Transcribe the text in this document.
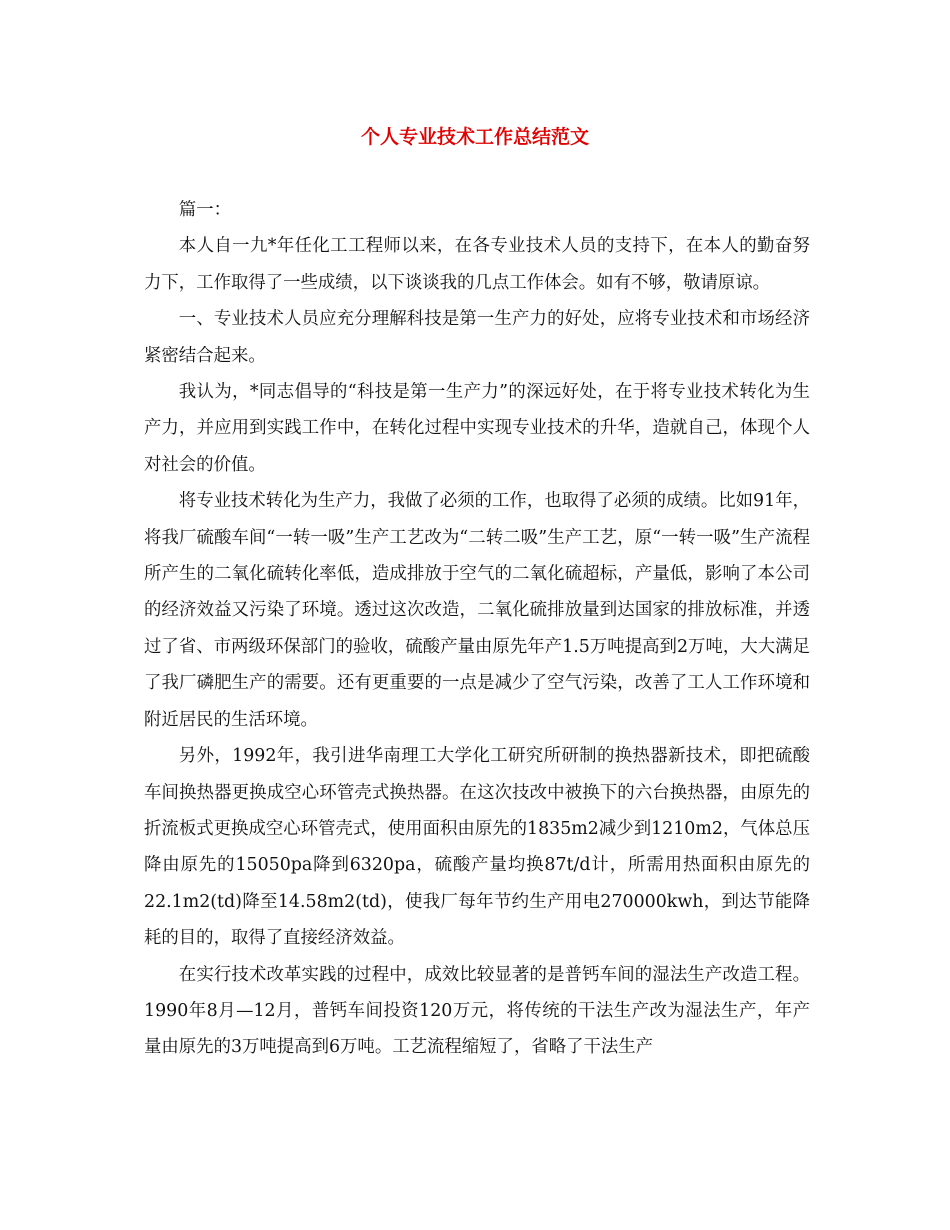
个人专业技术工作总结范文

篇一：

本人自一九*年任化工工程师以来，在各专业技术人员的支持下，在本人的勤奋努力下，工作取得了一些成绩，以下谈谈我的几点工作体会。如有不够，敬请原谅。

一、专业技术人员应充分理解科技是第一生产力的好处，应将专业技术和市场经济紧密结合起来。

我认为，*同志倡导的“科技是第一生产力”的深远好处，在于将专业技术转化为生产力，并应用到实践工作中，在转化过程中实现专业技术的升华，造就自己，体现个人对社会的价值。

将专业技术转化为生产力，我做了必须的工作，也取得了必须的成绩。比如91年，将我厂硫酸车间“一转一吸”生产工艺改为“二转二吸”生产工艺，原“一转一吸”生产流程所产生的二氧化硫转化率低，造成排放于空气的二氧化硫超标，产量低，影响了本公司的经济效益又污染了环境。透过这次改造，二氧化硫排放量到达国家的排放标准，并透过了省、市两级环保部门的验收，硫酸产量由原先年产1.5万吨提高到2万吨，大大满足了我厂磷肥生产的需要。还有更重要的一点是减少了空气污染，改善了工人工作环境和附近居民的生活环境。

另外，1992年，我引进华南理工大学化工研究所研制的换热器新技术，即把硫酸车间换热器更换成空心环管壳式换热器。在这次技改中被换下的六台换热器，由原先的折流板式更换成空心环管壳式，使用面积由原先的1835m2减少到1210m2，气体总压降由原先的15050pa降到6320pa，硫酸产量均换87t/d计，所需用热面积由原先的22.1m2(td)降至14.58m2(td)，使我厂每年节约生产用电270000kwh，到达节能降耗的目的，取得了直接经济效益。

在实行技术改革实践的过程中，成效比较显著的是普钙车间的湿法生产改造工程。1990年8月—12月，普钙车间投资120万元，将传统的干法生产改为湿法生产，年产量由原先的3万吨提高到6万吨。工艺流程缩短了，省略了干法生产
